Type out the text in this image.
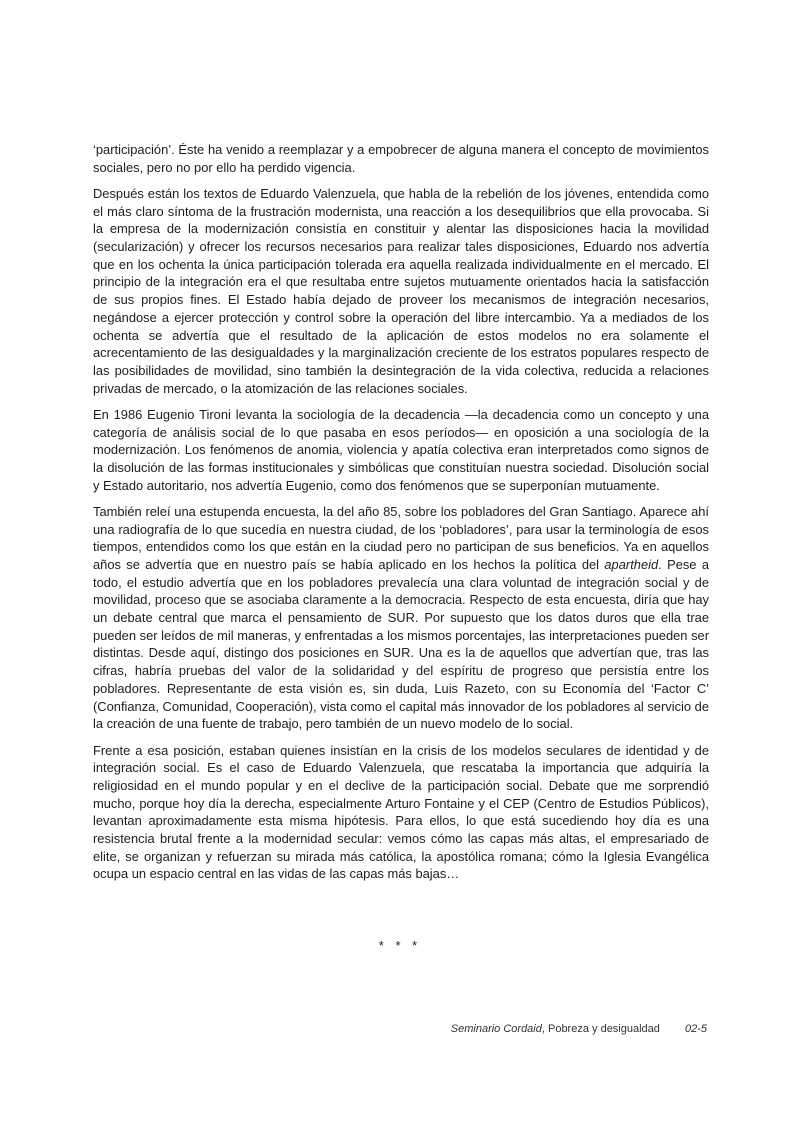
‘participación’. Éste ha venido a reemplazar y a empobrecer de alguna manera el concepto de movimientos sociales, pero no por ello ha perdido vigencia.

Después están los textos de Eduardo Valenzuela, que habla de la rebelión de los jóvenes, entendida como el más claro síntoma de la frustración modernista, una reacción a los desequilibrios que ella provocaba. Si la empresa de la modernización consistía en constituir y alentar las disposiciones hacia la movilidad (secularización) y ofrecer los recursos necesarios para realizar tales disposiciones, Eduardo nos advertía que en los ochenta la única participación tolerada era aquella realizada individualmente en el mercado. El principio de la integración era el que resultaba entre sujetos mutuamente orientados hacia la satisfacción de sus propios fines. El Estado había dejado de proveer los mecanismos de integración necesarios, negándose a ejercer protección y control sobre la operación del libre intercambio. Ya a mediados de los ochenta se advertía que el resultado de la aplicación de estos modelos no era solamente el acrecentamiento de las desigualdades y la marginalización creciente de los estratos populares respecto de las posibilidades de movilidad, sino también la desintegración de la vida colectiva, reducida a relaciones privadas de mercado, o la atomización de las relaciones sociales.

En 1986 Eugenio Tironi levanta la sociología de la decadencia —la decadencia como un concepto y una categoría de análisis social de lo que pasaba en esos períodos— en oposición a una sociología de la modernización. Los fenómenos de anomia, violencia y apatía colectiva eran interpretados como signos de la disolución de las formas institucionales y simbólicas que constituían nuestra sociedad. Disolución social y Estado autoritario, nos advertía Eugenio, como dos fenómenos que se superponían mutuamente.

También releí una estupenda encuesta, la del año 85, sobre los pobladores del Gran Santiago. Aparece ahí una radiografía de lo que sucedía en nuestra ciudad, de los ‘pobladores’, para usar la terminología de esos tiempos, entendidos como los que están en la ciudad pero no participan de sus beneficios. Ya en aquellos años se advertía que en nuestro país se había aplicado en los hechos la política del apartheid. Pese a todo, el estudio advertía que en los pobladores prevalecía una clara voluntad de integración social y de movilidad, proceso que se asociaba claramente a la democracia. Respecto de esta encuesta, diría que hay un debate central que marca el pensamiento de SUR. Por supuesto que los datos duros que ella trae pueden ser leídos de mil maneras, y enfrentadas a los mismos porcentajes, las interpretaciones pueden ser distintas. Desde aquí, distingo dos posiciones en SUR. Una es la de aquellos que advertían que, tras las cifras, habría pruebas del valor de la solidaridad y del espíritu de progreso que persistía entre los pobladores. Representante de esta visión es, sin duda, Luis Razeto, con su Economía del ‘Factor C’ (Confianza, Comunidad, Cooperación), vista como el capital más innovador de los pobladores al servicio de la creación de una fuente de trabajo, pero también de un nuevo modelo de lo social.

Frente a esa posición, estaban quienes insistían en la crisis de los modelos seculares de identidad y de integración social. Es el caso de Eduardo Valenzuela, que rescataba la importancia que adquiría la religiosidad en el mundo popular y en el declive de la participación social. Debate que me sorprendió mucho, porque hoy día la derecha, especialmente Arturo Fontaine y el CEP (Centro de Estudios Públicos), levantan aproximadamente esta misma hipótesis. Para ellos, lo que está sucediendo hoy día es una resistencia brutal frente a la modernidad secular: vemos cómo las capas más altas, el empresariado de elite, se organizan y refuerzan su mirada más católica, la apostólica romana; cómo la Iglesia Evangélica ocupa un espacio central en las vidas de las capas más bajas…

* * *
Seminario Cordaid, Pobreza y desigualdad 02-5
